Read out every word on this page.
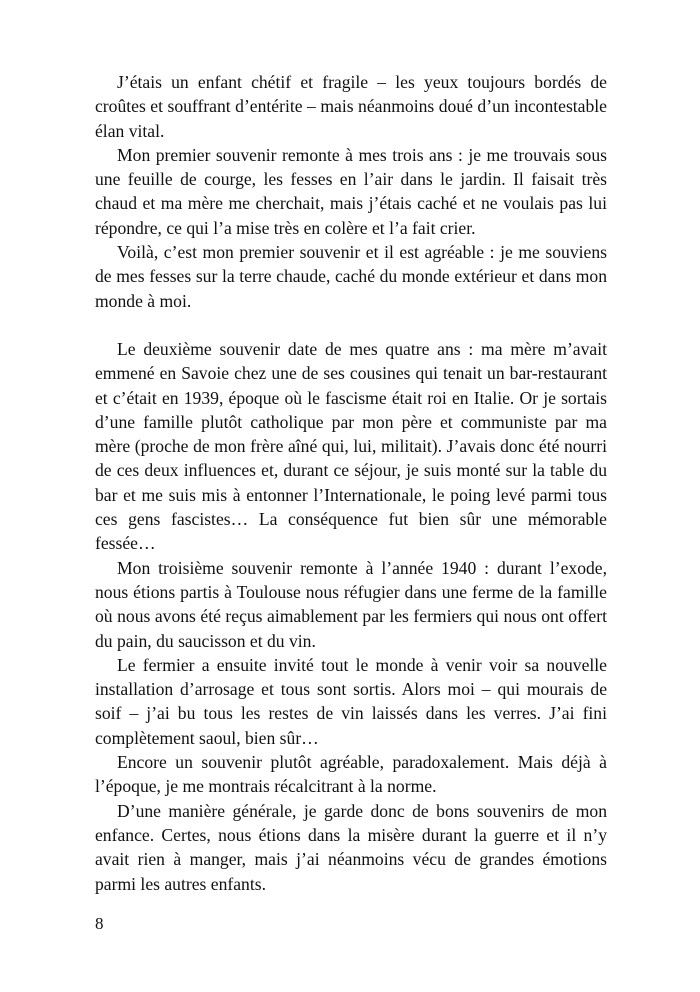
J’étais un enfant chétif et fragile – les yeux toujours bordés de croûtes et souffrant d’entérite – mais néanmoins doué d’un incontestable élan vital.

Mon premier souvenir remonte à mes trois ans : je me trouvais sous une feuille de courge, les fesses en l’air dans le jardin. Il faisait très chaud et ma mère me cherchait, mais j’étais caché et ne voulais pas lui répondre, ce qui l’a mise très en colère et l’a fait crier.

Voilà, c’est mon premier souvenir et il est agréable : je me souviens de mes fesses sur la terre chaude, caché du monde extérieur et dans mon monde à moi.

Le deuxième souvenir date de mes quatre ans : ma mère m’avait emmené en Savoie chez une de ses cousines qui tenait un bar-restaurant et c’était en 1939, époque où le fascisme était roi en Italie. Or je sortais d’une famille plutôt catholique par mon père et communiste par ma mère (proche de mon frère aîné qui, lui, militait). J’avais donc été nourri de ces deux influences et, durant ce séjour, je suis monté sur la table du bar et me suis mis à entonner l’Internationale, le poing levé parmi tous ces gens fascistes… La conséquence fut bien sûr une mémorable fessée…

Mon troisième souvenir remonte à l’année 1940 : durant l’exode, nous étions partis à Toulouse nous réfugier dans une ferme de la famille où nous avons été reçus aimablement par les fermiers qui nous ont offert du pain, du saucisson et du vin.

Le fermier a ensuite invité tout le monde à venir voir sa nouvelle installation d’arrosage et tous sont sortis. Alors moi – qui mourais de soif – j’ai bu tous les restes de vin laissés dans les verres. J’ai fini complètement saoul, bien sûr…

Encore un souvenir plutôt agréable, paradoxalement. Mais déjà à l’époque, je me montrais récalcitrant à la norme.

D’une manière générale, je garde donc de bons souvenirs de mon enfance. Certes, nous étions dans la misère durant la guerre et il n’y avait rien à manger, mais j’ai néanmoins vécu de grandes émotions parmi les autres enfants.

8
